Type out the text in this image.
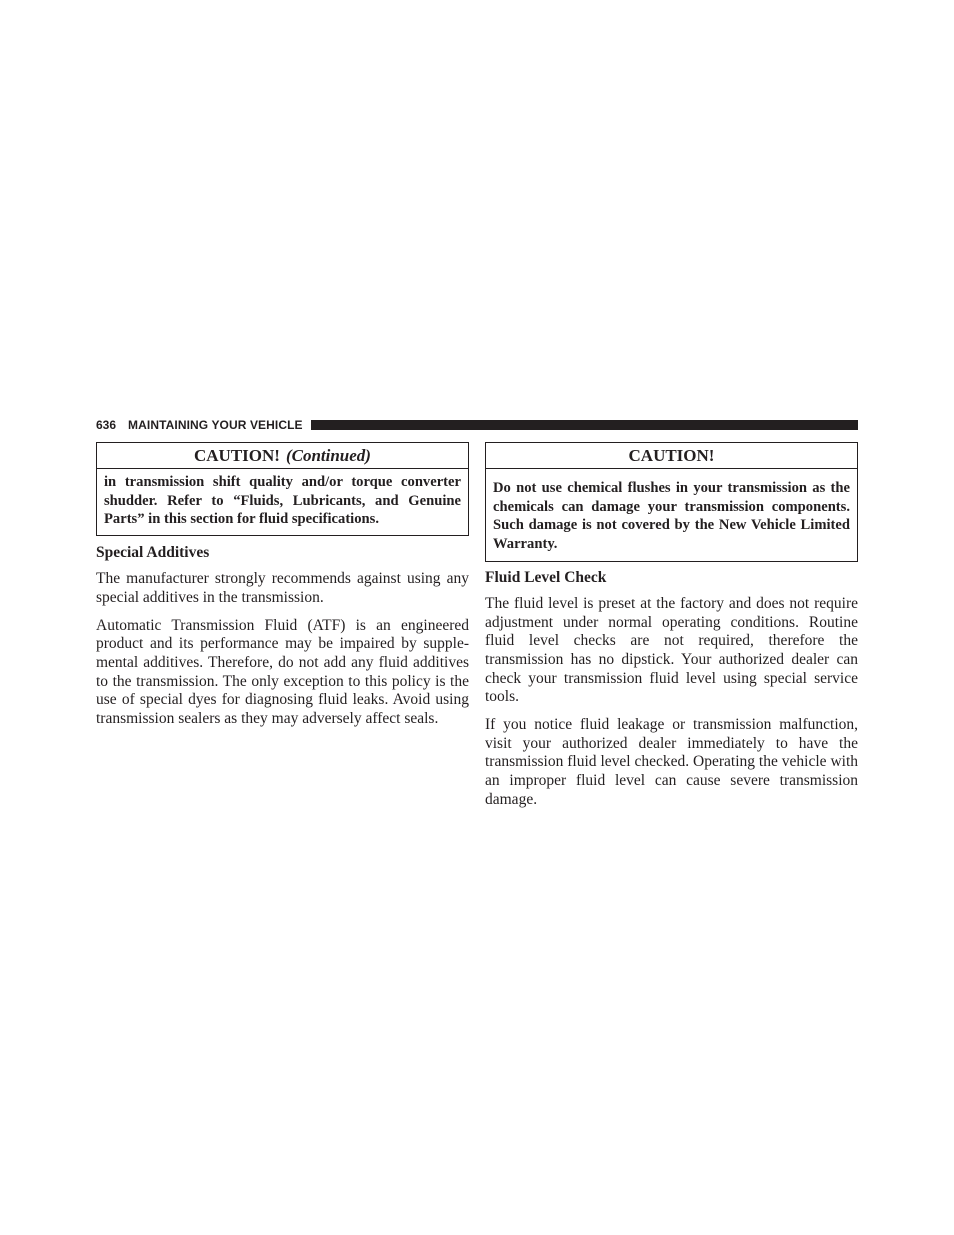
636 MAINTAINING YOUR VEHICLE
CAUTION! (Continued)
in transmission shift quality and/or torque converter shudder. Refer to “Fluids, Lubricants, and Genuine Parts” in this section for fluid specifications.
Special Additives

The manufacturer strongly recommends against using any special additives in the transmission.

Automatic Transmission Fluid (ATF) is an engineered product and its performance may be impaired by supplemental additives. Therefore, do not add any fluid additives to the transmission. The only exception to this policy is the use of special dyes for diagnosing fluid leaks. Avoid using transmission sealers as they may adversely affect seals.

CAUTION!
Do not use chemical flushes in your transmission as the chemicals can damage your transmission components. Such damage is not covered by the New Vehicle Limited Warranty.
Fluid Level Check

The fluid level is preset at the factory and does not require adjustment under normal operating conditions. Routine fluid level checks are not required, therefore the transmission has no dipstick. Your authorized dealer can check your transmission fluid level using special service tools.

If you notice fluid leakage or transmission malfunction, visit your authorized dealer immediately to have the transmission fluid level checked. Operating the vehicle with an improper fluid level can cause severe transmission damage.
